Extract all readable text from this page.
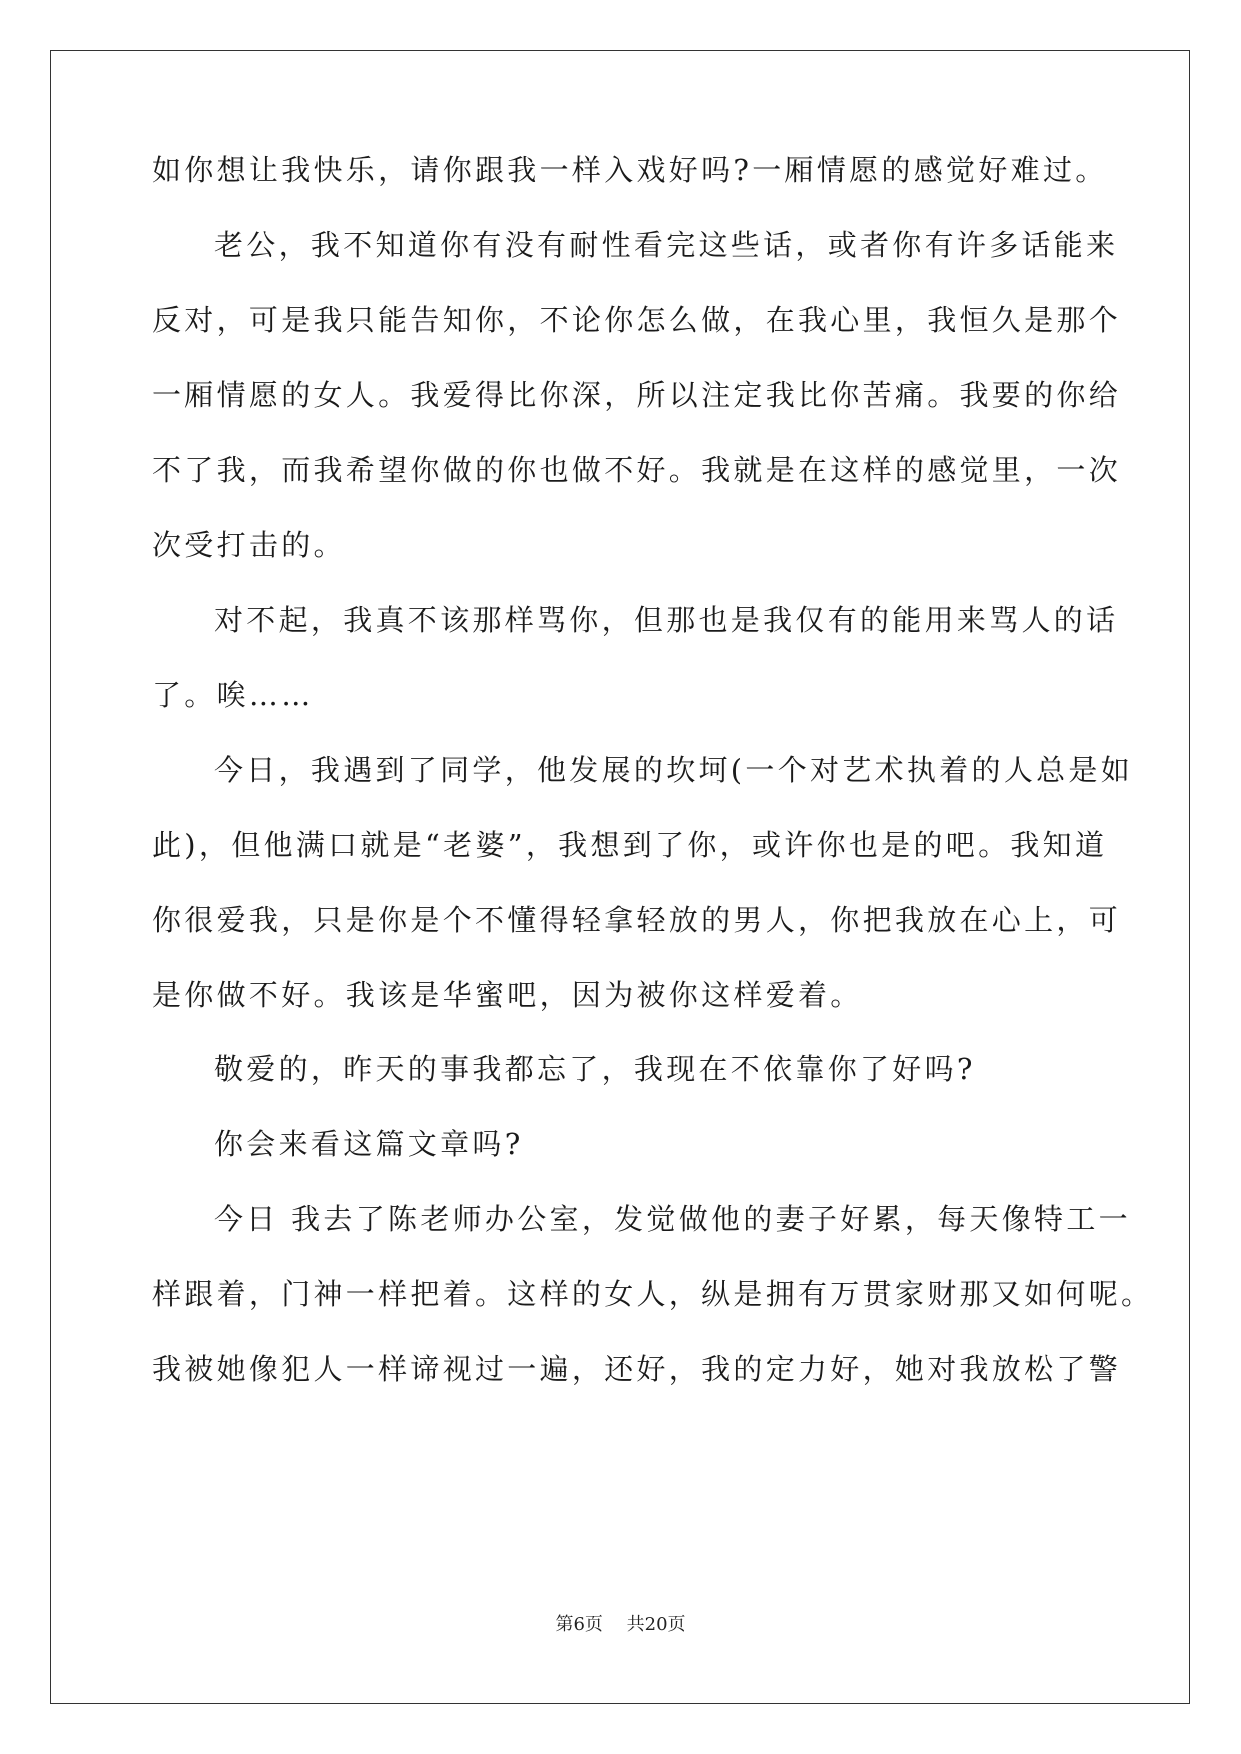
如你想让我快乐，请你跟我一样入戏好吗?一厢情愿的感觉好难过。
老公，我不知道你有没有耐性看完这些话，或者你有许多话能来
反对，可是我只能告知你，不论你怎么做，在我心里，我恒久是那个
一厢情愿的女人。我爱得比你深，所以注定我比你苦痛。我要的你给
不了我，而我希望你做的你也做不好。我就是在这样的感觉里，一次
次受打击的。
对不起，我真不该那样骂你，但那也是我仅有的能用来骂人的话
了。唉……
今日，我遇到了同学，他发展的坎坷(一个对艺术执着的人总是如
此)，但他满口就是“老婆”，我想到了你，或许你也是的吧。我知道
你很爱我，只是你是个不懂得轻拿轻放的男人，你把我放在心上，可
是你做不好。我该是华蜜吧，因为被你这样爱着。
敬爱的，昨天的事我都忘了，我现在不依靠你了好吗?
你会来看这篇文章吗?
今日 我去了陈老师办公室，发觉做他的妻子好累，每天像特工一
样跟着，门神一样把着。这样的女人，纵是拥有万贯家财那又如何呢。
我被她像犯人一样谛视过一遍，还好，我的定力好，她对我放松了警
第6页　 共20页
